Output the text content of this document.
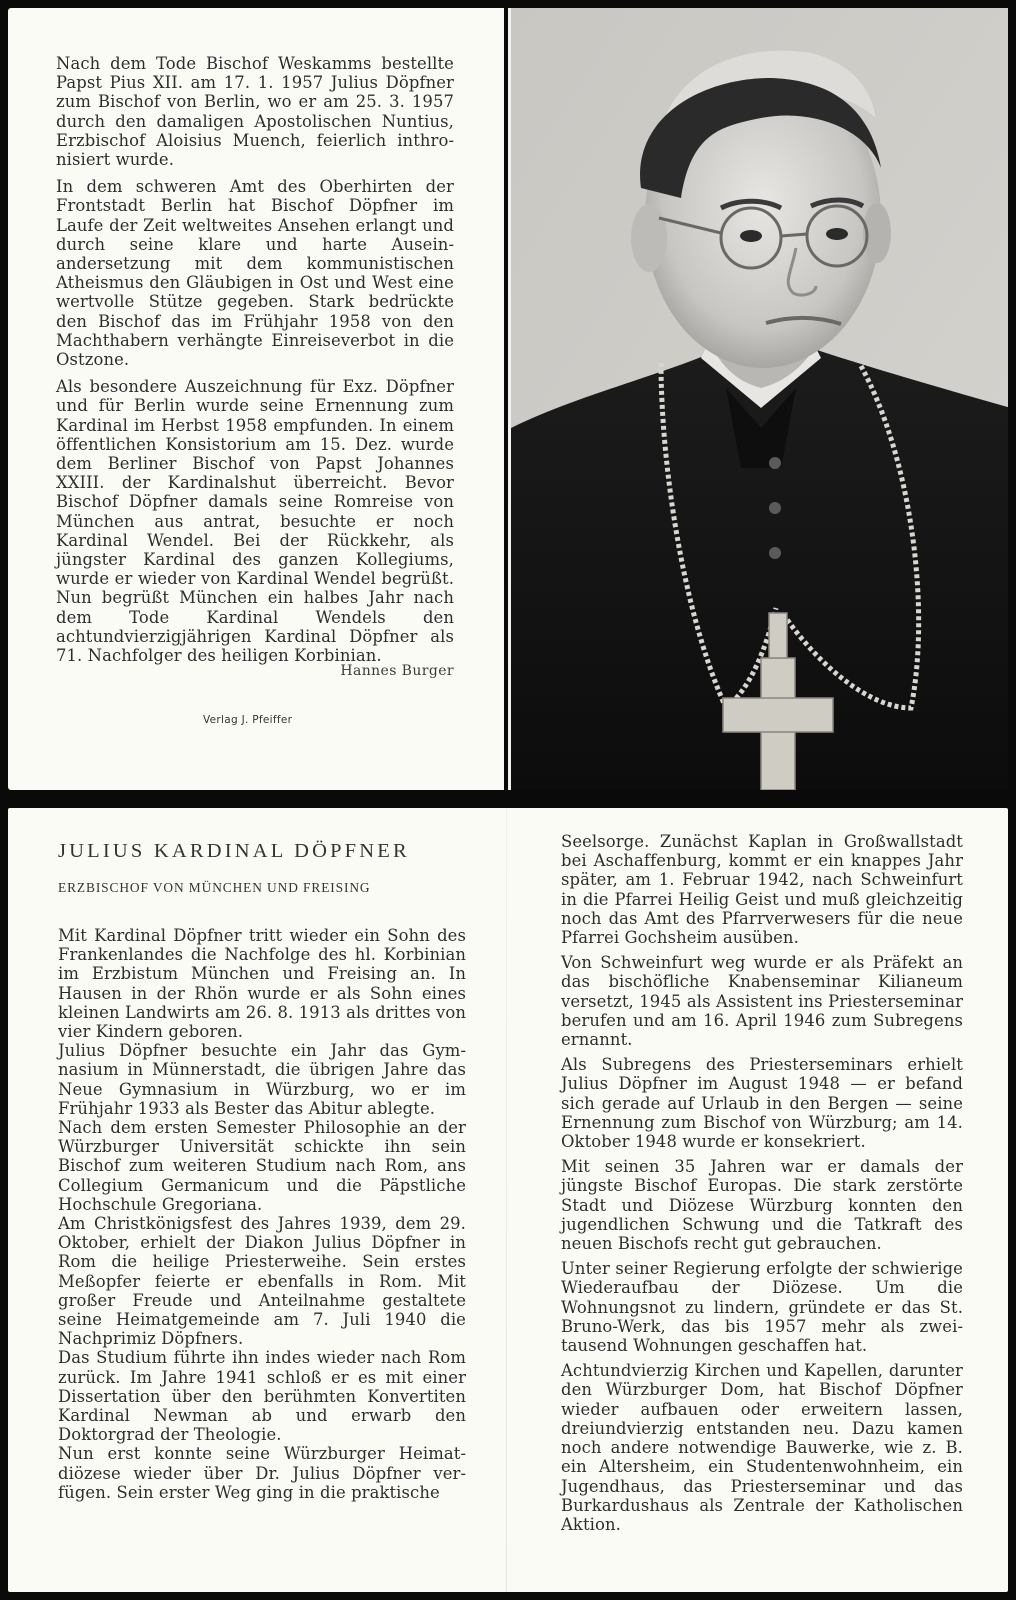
Nach dem Tode Bischof Weskamms bestellte Papst Pius XII. am 17. 1. 1957 Julius Döpfner zum Bischof von Berlin, wo er am 25. 3. 1957 durch den damaligen Apostolischen Nuntius, Erzbischof Aloisius Muench, feierlich inthronisiert wurde.

In dem schweren Amt des Oberhirten der Frontstadt Berlin hat Bischof Döpfner im Laufe der Zeit weltweites Ansehen erlangt und durch seine klare und harte Auseinandersetzung mit dem kommunistischen Atheismus den Gläubigen in Ost und West eine wertvolle Stütze gegeben. Stark bedrückte den Bischof das im Frühjahr 1958 von den Machthabern verhängte Einreiseverbot in die Ostzone.

Als besondere Auszeichnung für Exz. Döpfner und für Berlin wurde seine Ernennung zum Kardinal im Herbst 1958 empfunden. In einem öffentlichen Konsistorium am 15. Dez. wurde dem Berliner Bischof von Papst Johannes XXIII. der Kardinalshut überreicht. Bevor Bischof Döpfner damals seine Romreise von München aus antrat, besuchte er noch Kardinal Wendel. Bei der Rückkehr, als jüngster Kardinal des ganzen Kollegiums, wurde er wieder von Kardinal Wendel begrüßt. Nun begrüßt München ein halbes Jahr nach dem Tode Kardinal Wendels den achtundvierzigjährigen Kardinal Döpfner als 71. Nachfolger des heiligen Korbinian.

Hannes Burger
Verlag J. Pfeiffer
JULIUS KARDINAL DÖPFNER
ERZBISCHOF VON MÜNCHEN UND FREISING

Mit Kardinal Döpfner tritt wieder ein Sohn des Frankenlandes die Nachfolge des hl. Korbinian im Erzbistum München und Freising an. In Hausen in der Rhön wurde er als Sohn eines kleinen Landwirts am 26. 8. 1913 als drittes von vier Kindern geboren.

Julius Döpfner besuchte ein Jahr das Gymnasium in Münnerstadt, die übrigen Jahre das Neue Gymnasium in Würzburg, wo er im Frühjahr 1933 als Bester das Abitur ablegte.

Nach dem ersten Semester Philosophie an der Würzburger Universität schickte ihn sein Bischof zum weiteren Studium nach Rom, ans Collegium Germanicum und die Päpstliche Hochschule Gregoriana.

Am Christkönigsfest des Jahres 1939, dem 29. Oktober, erhielt der Diakon Julius Döpfner in Rom die heilige Priesterweihe. Sein erstes Meßopfer feierte er ebenfalls in Rom. Mit großer Freude und Anteilnahme gestaltete seine Heimatgemeinde am 7. Juli 1940 die Nachprimiz Döpfners.

Das Studium führte ihn indes wieder nach Rom zurück. Im Jahre 1941 schloß er es mit einer Dissertation über den berühmten Konvertiten Kardinal Newman ab und erwarb den Doktorgrad der Theologie.

Nun erst konnte seine Würzburger Heimatdiözese wieder über Dr. Julius Döpfner verfügen. Sein erster Weg ging in die praktische

Seelsorge. Zunächst Kaplan in Großwallstadt bei Aschaffenburg, kommt er ein knappes Jahr später, am 1. Februar 1942, nach Schweinfurt in die Pfarrei Heilig Geist und muß gleichzeitig noch das Amt des Pfarrverwesers für die neue Pfarrei Gochsheim ausüben.

Von Schweinfurt weg wurde er als Präfekt an das bischöfliche Knabenseminar Kilianeum versetzt, 1945 als Assistent ins Priesterseminar berufen und am 16. April 1946 zum Subregens ernannt.

Als Subregens des Priesterseminars erhielt Julius Döpfner im August 1948 — er befand sich gerade auf Urlaub in den Bergen — seine Ernennung zum Bischof von Würzburg; am 14. Oktober 1948 wurde er konsekriert.

Mit seinen 35 Jahren war er damals der jüngste Bischof Europas. Die stark zerstörte Stadt und Diözese Würzburg konnten den jugendlichen Schwung und die Tatkraft des neuen Bischofs recht gut gebrauchen.

Unter seiner Regierung erfolgte der schwierige Wiederaufbau der Diözese. Um die Wohnungsnot zu lindern, gründete er das St. Bruno-Werk, das bis 1957 mehr als zweitausend Wohnungen geschaffen hat.

Achtundvierzig Kirchen und Kapellen, darunter den Würzburger Dom, hat Bischof Döpfner wieder aufbauen oder erweitern lassen, dreiundvierzig entstanden neu. Dazu kamen noch andere notwendige Bauwerke, wie z. B. ein Altersheim, ein Studentenwohnheim, ein Jugendhaus, das Priesterseminar und das Burkardushaus als Zentrale der Katholischen Aktion.
